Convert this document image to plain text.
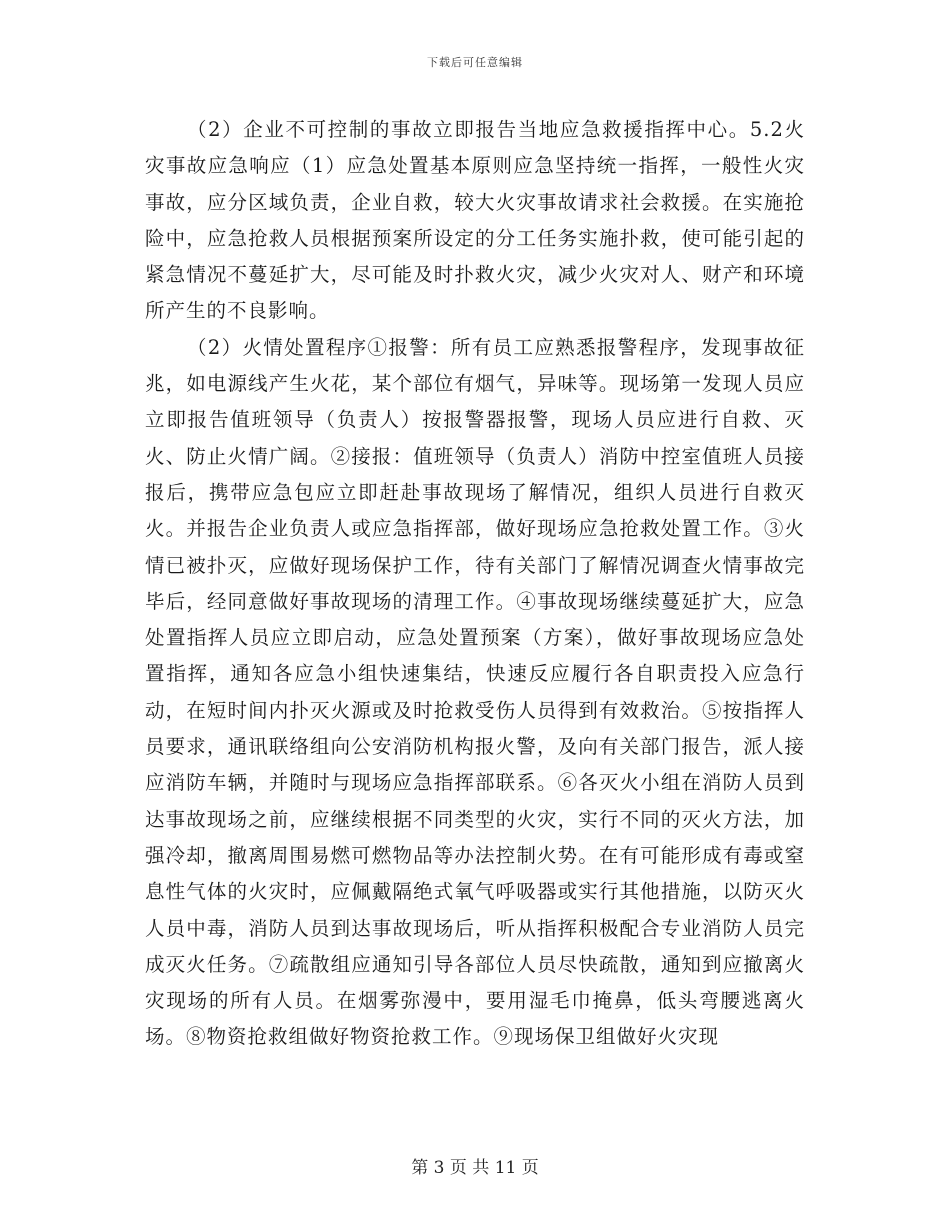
下载后可任意编辑

（2）企业不可控制的事故立即报告当地应急救援指挥中心。5.2火灾事故应急响应（1）应急处置基本原则应急坚持统一指挥，一般性火灾事故，应分区域负责，企业自救，较大火灾事故请求社会救援。在实施抢险中，应急抢救人员根据预案所设定的分工任务实施扑救，使可能引起的紧急情况不蔓延扩大，尽可能及时扑救火灾，减少火灾对人、财产和环境所产生的不良影响。

（2）火情处置程序①报警：所有员工应熟悉报警程序，发现事故征兆，如电源线产生火花，某个部位有烟气，异味等。现场第一发现人员应立即报告值班领导（负责人）按报警器报警，现场人员应进行自救、灭火、防止火情广阔。②接报：值班领导（负责人）消防中控室值班人员接报后，携带应急包应立即赶赴事故现场了解情况，组织人员进行自救灭火。并报告企业负责人或应急指挥部，做好现场应急抢救处置工作。③火情已被扑灭，应做好现场保护工作，待有关部门了解情况调查火情事故完毕后，经同意做好事故现场的清理工作。④事故现场继续蔓延扩大，应急处置指挥人员应立即启动，应急处置预案（方案），做好事故现场应急处置指挥，通知各应急小组快速集结，快速反应履行各自职责投入应急行动，在短时间内扑灭火源或及时抢救受伤人员得到有效救治。⑤按指挥人员要求，通讯联络组向公安消防机构报火警，及向有关部门报告，派人接应消防车辆，并随时与现场应急指挥部联系。⑥各灭火小组在消防人员到达事故现场之前，应继续根据不同类型的火灾，实行不同的灭火方法，加强冷却，撤离周围易燃可燃物品等办法控制火势。在有可能形成有毒或窒息性气体的火灾时，应佩戴隔绝式氧气呼吸器或实行其他措施，以防灭火人员中毒，消防人员到达事故现场后，听从指挥积极配合专业消防人员完成灭火任务。⑦疏散组应通知引导各部位人员尽快疏散，通知到应撤离火灾现场的所有人员。在烟雾弥漫中，要用湿毛巾掩鼻，低头弯腰逃离火场。⑧物资抢救组做好物资抢救工作。⑨现场保卫组做好火灾现

第 3 页 共 11 页
